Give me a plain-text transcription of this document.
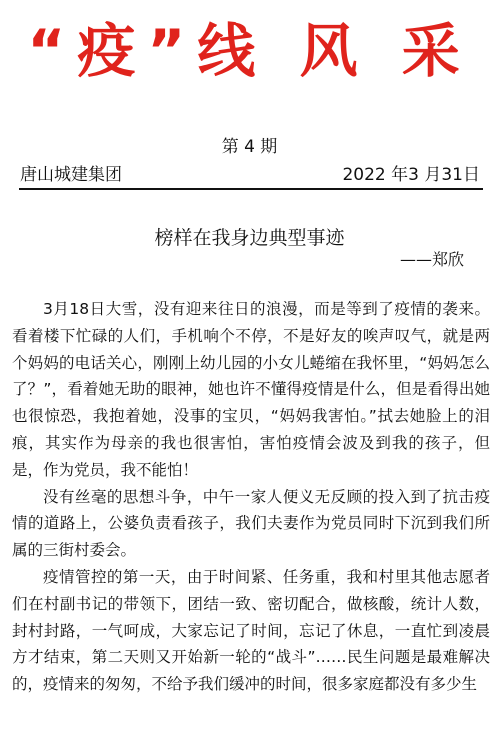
“疫”线 风 采
第 4 期
唐山城建集团	2022 年3 月31日
榜样在我身边典型事迹
——郑欣

3月18日大雪，没有迎来往日的浪漫，而是等到了疫情的袭来。看着楼下忙碌的人们，手机响个不停，不是好友的唉声叹气，就是两个妈妈的电话关心，刚刚上幼儿园的小女儿蜷缩在我怀里，“妈妈怎么了？”，看着她无助的眼神，她也许不懂得疫情是什么，但是看得出她也很惊恐，我抱着她，没事的宝贝，“妈妈我害怕。”拭去她脸上的泪痕，其实作为母亲的我也很害怕，害怕疫情会波及到我的孩子，但是，作为党员，我不能怕！

没有丝毫的思想斗争，中午一家人便义无反顾的投入到了抗击疫情的道路上，公婆负责看孩子，我们夫妻作为党员同时下沉到我们所属的三街村委会。

疫情管控的第一天，由于时间紧、任务重，我和村里其他志愿者们在村副书记的带领下，团结一致、密切配合，做核酸，统计人数，封村封路，一气呵成，大家忘记了时间，忘记了休息，一直忙到凌晨方才结束，第二天则又开始新一轮的“战斗”……民生问题是最难解决的，疫情来的匆匆，不给予我们缓冲的时间，很多家庭都没有多少生
